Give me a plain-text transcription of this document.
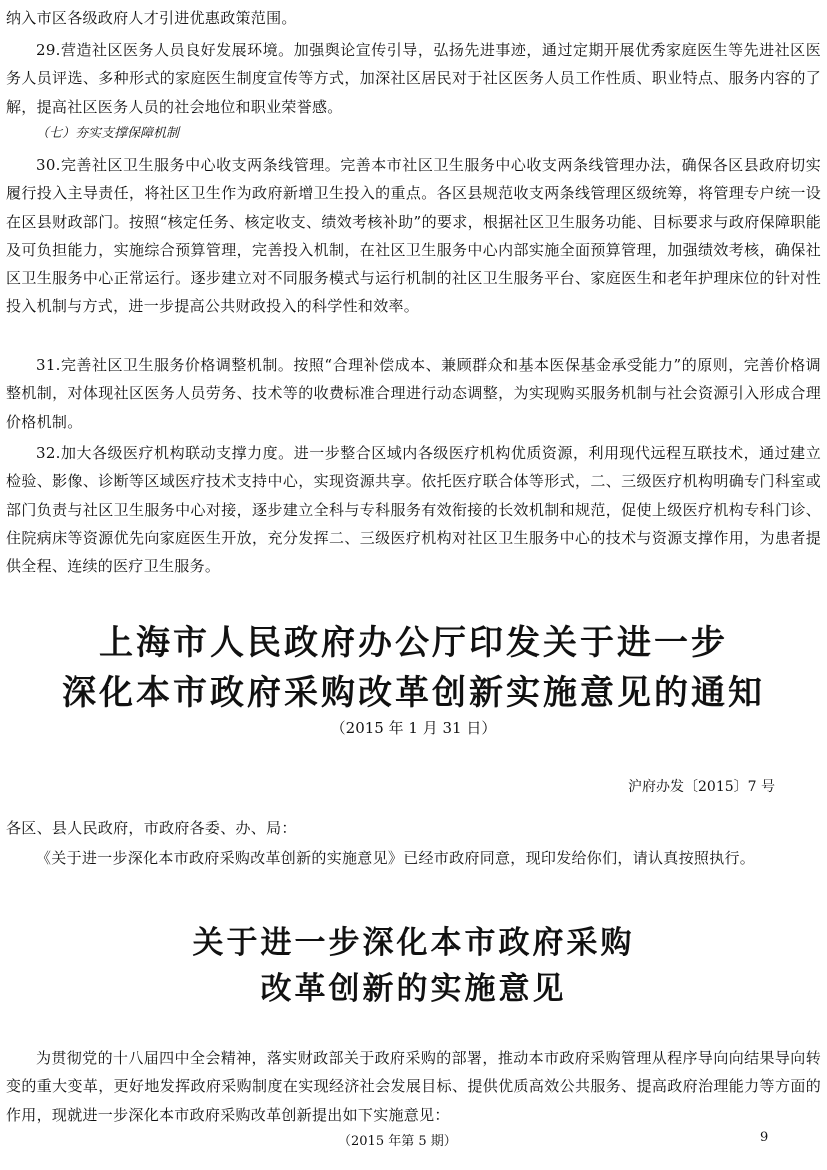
纳入市区各级政府人才引进优惠政策范围。
29.营造社区医务人员良好发展环境。加强舆论宣传引导，弘扬先进事迹，通过定期开展优秀家庭医生等先进社区医务人员评选、多种形式的家庭医生制度宣传等方式，加深社区居民对于社区医务人员工作性质、职业特点、服务内容的了解，提高社区医务人员的社会地位和职业荣誉感。
（七）夯实支撑保障机制
30.完善社区卫生服务中心收支两条线管理。完善本市社区卫生服务中心收支两条线管理办法，确保各区县政府切实履行投入主导责任，将社区卫生作为政府新增卫生投入的重点。各区县规范收支两条线管理区级统筹，将管理专户统一设在区县财政部门。按照“核定任务、核定收支、绩效考核补助”的要求，根据社区卫生服务功能、目标要求与政府保障职能及可负担能力，实施综合预算管理，完善投入机制，在社区卫生服务中心内部实施全面预算管理，加强绩效考核，确保社区卫生服务中心正常运行。逐步建立对不同服务模式与运行机制的社区卫生服务平台、家庭医生和老年护理床位的针对性投入机制与方式，进一步提高公共财政投入的科学性和效率。
31.完善社区卫生服务价格调整机制。按照“合理补偿成本、兼顾群众和基本医保基金承受能力”的原则，完善价格调整机制，对体现社区医务人员劳务、技术等的收费标准合理进行动态调整，为实现购买服务机制与社会资源引入形成合理价格机制。
32.加大各级医疗机构联动支撑力度。进一步整合区域内各级医疗机构优质资源，利用现代远程互联技术，通过建立检验、影像、诊断等区域医疗技术支持中心，实现资源共享。依托医疗联合体等形式，二、三级医疗机构明确专门科室或部门负责与社区卫生服务中心对接，逐步建立全科与专科服务有效衔接的长效机制和规范，促使上级医疗机构专科门诊、住院病床等资源优先向家庭医生开放，充分发挥二、三级医疗机构对社区卫生服务中心的技术与资源支撑作用，为患者提供全程、连续的医疗卫生服务。
上海市人民政府办公厅印发关于进一步
深化本市政府采购改革创新实施意见的通知
（2015 年 1 月 31 日）
沪府办发〔2015〕7 号
各区、县人民政府，市政府各委、办、局：
《关于进一步深化本市政府采购改革创新的实施意见》已经市政府同意，现印发给你们，请认真按照执行。
关于进一步深化本市政府采购
改革创新的实施意见
为贯彻党的十八届四中全会精神，落实财政部关于政府采购的部署，推动本市政府采购管理从程序导向向结果导向转变的重大变革，更好地发挥政府采购制度在实现经济社会发展目标、提供优质高效公共服务、提高政府治理能力等方面的作用，现就进一步深化本市政府采购改革创新提出如下实施意见：
（2015 年第 5 期）	9
